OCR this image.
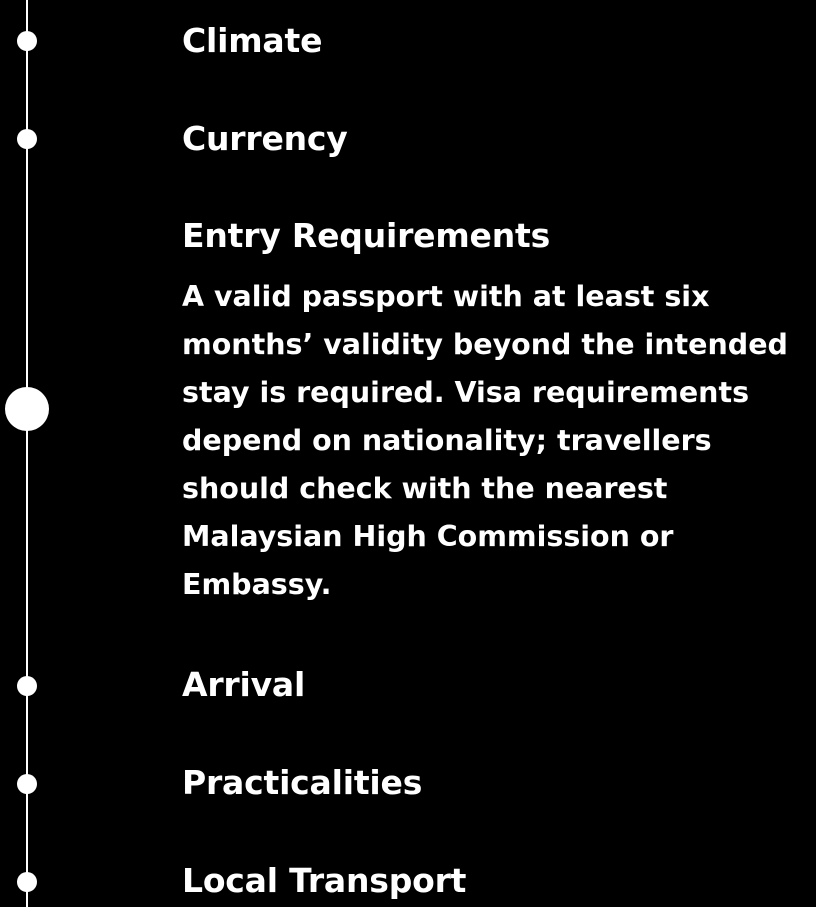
Climate
Currency
Entry Requirements

A valid passport with at least six months’ validity beyond the intended stay is required. Visa requirements depend on nationality; travellers should check with the nearest Malaysian High Commission or Embassy.

Arrival
Practicalities
Local Transport
